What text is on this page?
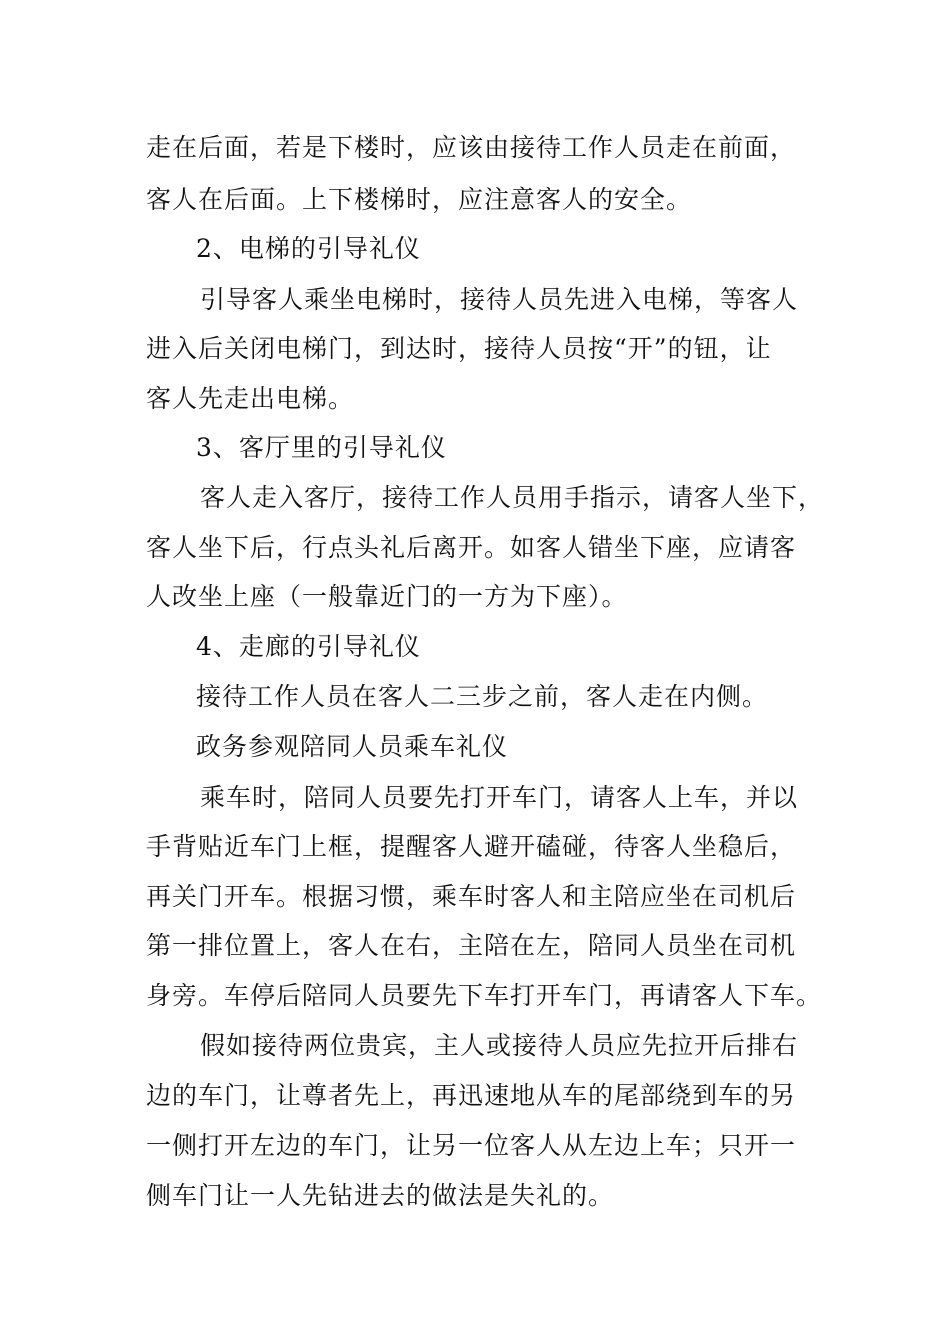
走在后面，若是下楼时，应该由接待工作人员走在前面，
客人在后面。上下楼梯时，应注意客人的安全。
2、电梯的引导礼仪
引导客人乘坐电梯时，接待人员先进入电梯，等客人
进入后关闭电梯门，到达时，接待人员按“开”的钮，让
客人先走出电梯。
3、客厅里的引导礼仪
客人走入客厅，接待工作人员用手指示，请客人坐下，
客人坐下后，行点头礼后离开。如客人错坐下座，应请客
人改坐上座（一般靠近门的一方为下座）。
4、走廊的引导礼仪
接待工作人员在客人二三步之前，客人走在内侧。
政务参观陪同人员乘车礼仪
乘车时，陪同人员要先打开车门，请客人上车，并以
手背贴近车门上框，提醒客人避开磕碰，待客人坐稳后，
再关门开车。根据习惯，乘车时客人和主陪应坐在司机后
第一排位置上，客人在右，主陪在左，陪同人员坐在司机
身旁。车停后陪同人员要先下车打开车门，再请客人下车。
假如接待两位贵宾，主人或接待人员应先拉开后排右
边的车门，让尊者先上，再迅速地从车的尾部绕到车的另
一侧打开左边的车门，让另一位客人从左边上车；只开一
侧车门让一人先钻进去的做法是失礼的。
